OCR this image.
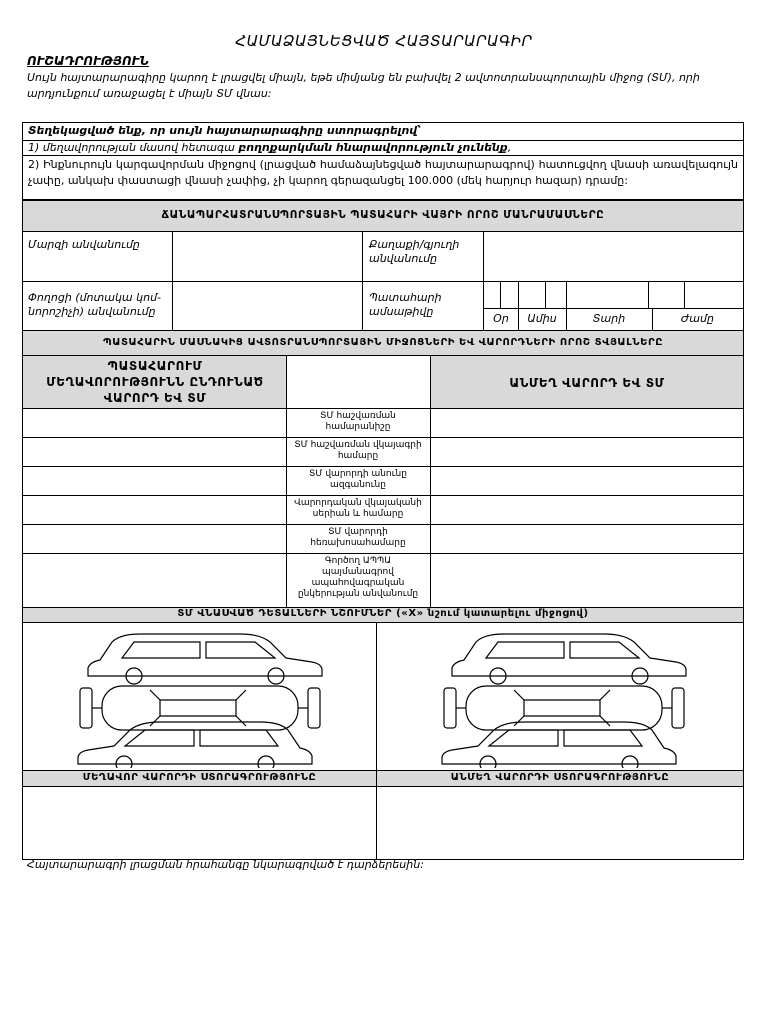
ՀԱՄԱՁԱՅՆԵՑՎԱԾ ՀԱՅՏԱՐԱՐԱԳԻՐ
ՈՒՇԱԴՐՈՒԹՅՈՒՆ
Սույն հայտարարագիրը կարող է լրացվել միայն, եթե միմյանց են բախվել 2 ավտոտրանսպորտային միջոց (ՏՄ), որի արդյունքում առաջացել է միայն ՏՄ վնաս:
Տեղեկացված ենք, որ սույն հայտարարագիրը ստորագրելով՝
1) մեղավորության մասով հետագա բողոքարկման հնարավորություն չունենք,
2) Ինքնուրույն կարգավորման միջոցով (լրացված համաձայնեցված հայտարարագրով) հատուցվող վնասի առավելագույն չափը, անկախ փաստացի վնասի չափից, չի կարող գերազանցել 100.000 (մեկ հարյուր հազար) դրամը:
ՃԱՆԱՊԱՐՀԱՏՐԱՆՍՊՈՐՏԱՅԻՆ ՊԱՏԱՀԱՐԻ ՎԱՅՐԻ ՈՐՈՇ ՄԱՆՐԱՄԱՍՆԵՐԸ
Մարզի անվանումը	Քաղաքի/գյուղի անվանումը
Փողոցի (մոտակա կոմ-նորոշիչի) անվանումը
Պատահարի ամսաթիվը
Օր	Ամիս	Տարի	Ժամը
ՊԱՏԱՀԱՐԻՆ ՄԱՍՆԱԿԻՑ ԱՎՏՈՏՐԱՆՍՊՈՐՏԱՅԻՆ ՄԻՋՈՑՆԵՐԻ ԵՎ ՎԱՐՈՐԴՆԵՐԻ ՈՐՈՇ ՏՎՅԱԼՆԵՐԸ
ՊԱՏԱՀԱՐՈՒՄ ՄԵՂԱՎՈՐՈՒԹՅՈՒՆՆ ԸՆԴՈՒՆԱԾ ՎԱՐՈՐԴ ԵՎ ՏՄ
ԱՆՄԵՂ ՎԱՐՈՐԴ ԵՎ ՏՄ
ՏՄ հաշվառման համարանիշը
ՏՄ հաշվառման վկայագրի համարը
ՏՄ վարորդի անունը ազգանունը
Վարորդական վկայականի սերիան և համարը
ՏՄ վարորդի հեռախոսահամարը
Գործող ԱՊՊԱ պայմանագրով ապահովագրական ընկերության անվանումը
ՏՄ ՎՆԱՍՎԱԾ ԴԵՏԱԼՆԵՐԻ ՆՇՈՒՄՆԵՐ («X» նշում կատարելու միջոցով)
ՄԵՂԱՎՈՐ ՎԱՐՈՐԴԻ ՍՏՈՐԱԳՐՈՒԹՅՈՒՆԸ	ԱՆՄԵՂ ՎԱՐՈՐԴԻ ՍՏՈՐԱԳՐՈՒԹՅՈՒՆԸ
Հայտարարագրի լրացման հրահանգը նկարագրված է դարձերեսին:
